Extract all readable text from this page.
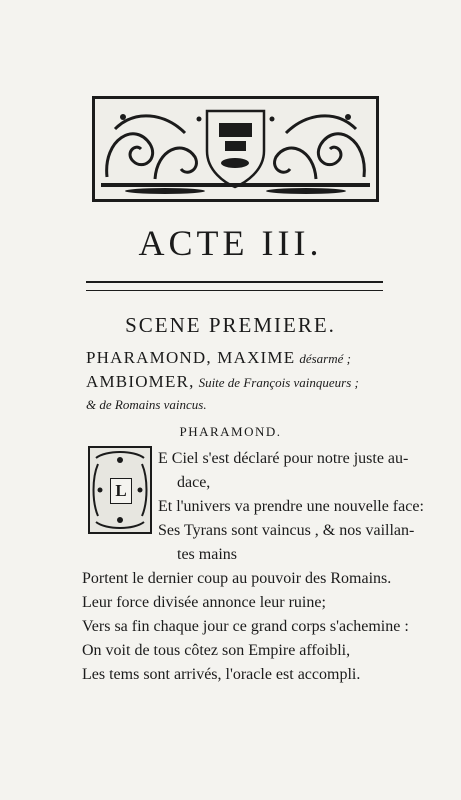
ACTE III.
SCENE PREMIERE.
PHARAMOND, MAXIME désarmé ;
AMBIOMER, Suite de François vainqueurs ;
& de Romains vaincus.
PHARAMOND.
L
E Ciel s'est déclaré pour notre juste au-
dace,
Et l'univers va prendre une nouvelle face:
Ses Tyrans sont vaincus , & nos vaillan-
tes mains
Portent le dernier coup au pouvoir des Romains.
Leur force divisée annonce leur ruine;
Vers sa fin chaque jour ce grand corps s'achemine :
On voit de tous côtez son Empire affoibli,
Les tems sont arrivés, l'oracle est accompli.
